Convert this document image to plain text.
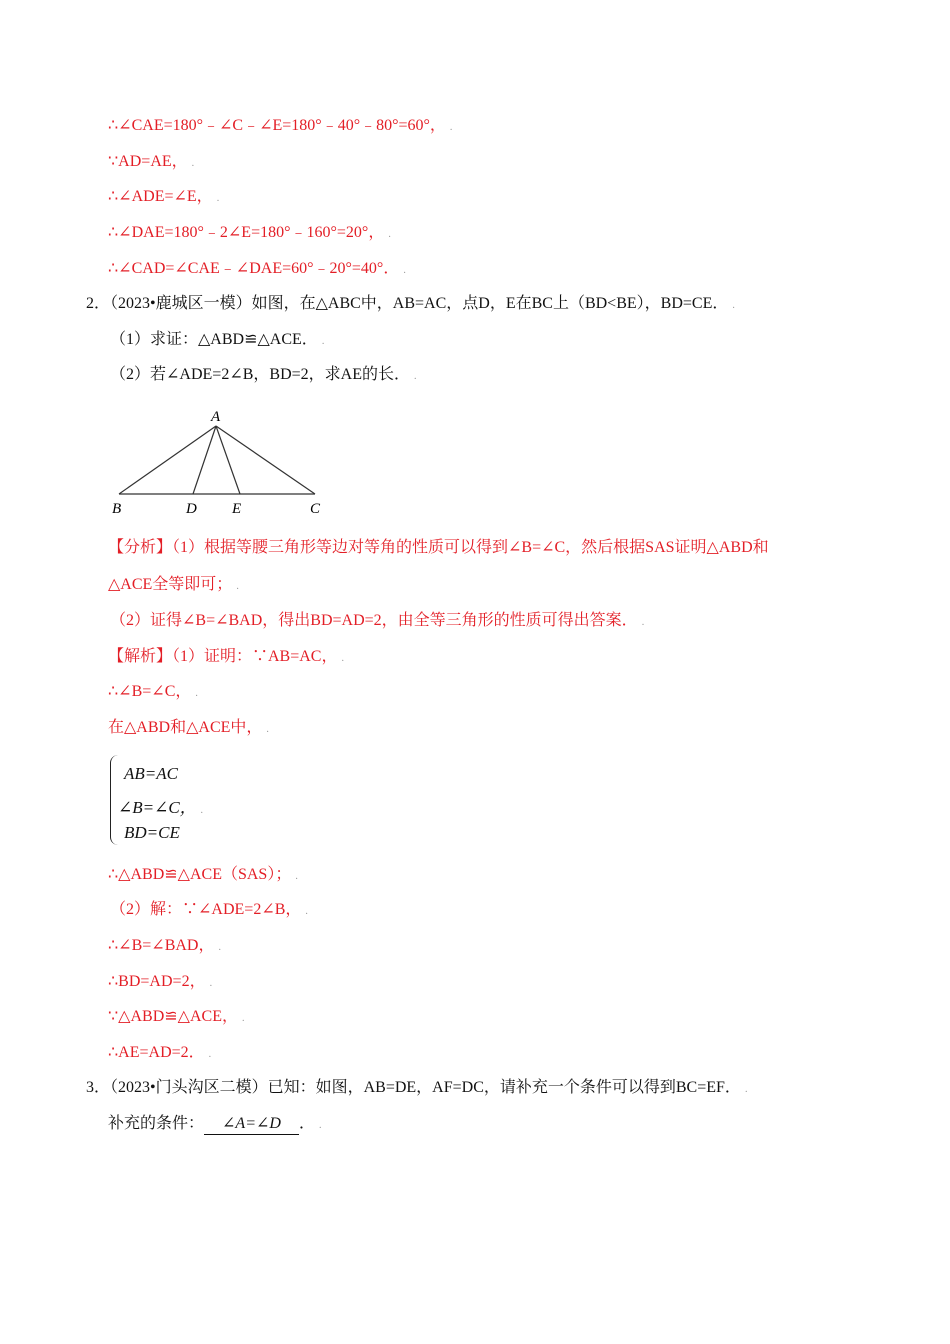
∴∠CAE=180°﹣∠C﹣∠E=180°﹣40°﹣80°=60°， .
∵AD=AE， .
∴∠ADE=∠E， .
∴∠DAE=180°﹣2∠E=180°﹣160°=20°， .
∴∠CAD=∠CAE﹣∠DAE=60°﹣20°=40°． .
2．（2023•鹿城区一模）如图，在△ABC中，AB=AC，点D，E在BC上（BD<BE），BD=CE． .
（1）求证：△ABD≌△ACE． .
（2）若∠ADE=2∠B，BD=2，求AE的长． .
A
B	D E	C
【分析】（1）根据等腰三角形等边对等角的性质可以得到∠B=∠C，然后根据SAS证明△ABD和
△ACE全等即可； .
（2）证得∠B=∠BAD，得出BD=AD=2，由全等三角形的性质可得出答案． .
【解析】（1）证明：∵AB=AC， .
∴∠B=∠C， .
在△ABD和△ACE中， .
AB=AC
∠B=∠C， .
BD=CE
∴△ABD≌△ACE（SAS）； .
（2）解：∵∠ADE=2∠B， .
∴∠B=∠BAD， .
∴BD=AD=2， .
∵△ABD≌△ACE， .
∴AE=AD=2． .
3．（2023•门头沟区二模）已知：如图，AB=DE，AF=DC，请补充一个条件可以得到BC=EF． .
补充的条件： ∠A=∠D ． .
